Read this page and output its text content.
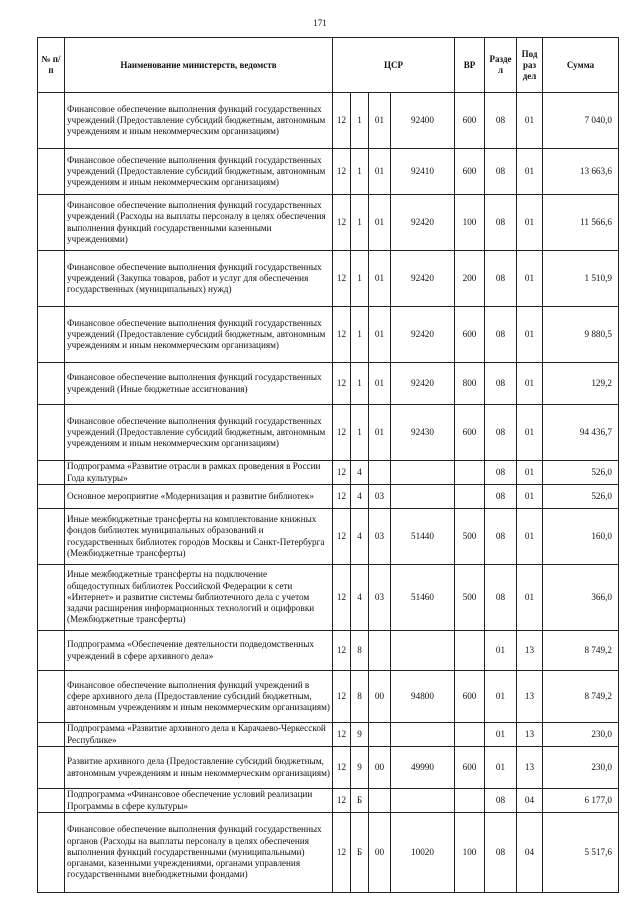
171
№ п/п	Наименование министерств, ведомств	ЦСР				ВР	Разде л	Под раз дел	Сумма
	Финансовое обеспечение выполнения функций государственных учреждений (Предоставление субсидий бюджетным, автономным учреждениям и иным некоммерческим организациям)	12	1	01	92400	600	08	01	7 040,0
	Финансовое обеспечение выполнения функций государственных учреждений (Предоставление субсидий бюджетным, автономным учреждениям и иным некоммерческим организациям)	12	1	01	92410	600	08	01	13 663,6
	Финансовое обеспечение выполнения функций государственных учреждений (Расходы на выплаты персоналу в целях обеспечения выполнения функций государственными казенными учреждениями)	12	1	01	92420	100	08	01	11 566,6
	Финансовое обеспечение выполнения функций государственных учреждений (Закупка товаров, работ и услуг для обеспечения государственных (муниципальных) нужд)	12	1	01	92420	200	08	01	1 510,9
	Финансовое обеспечение выполнения функций государственных учреждений (Предоставление субсидий бюджетным, автономным учреждениям и иным некоммерческим организациям)	12	1	01	92420	600	08	01	9 880,5
	Финансовое обеспечение выполнения функций государственных учреждений (Иные бюджетные ассигнования)	12	1	01	92420	800	08	01	129,2
	Финансовое обеспечение выполнения функций государственных учреждений (Предоставление субсидий бюджетным, автономным учреждениям и иным некоммерческим организациям)	12	1	01	92430	600	08	01	94 436,7
	Подпрограмма «Развитие отрасли в рамках проведения в России Года культуры»	12	4				08	01	526,0
	Основное мероприятие «Модернизация и развитие библиотек»	12	4	03			08	01	526,0
	Иные межбюджетные трансферты на комплектование книжных фондов библиотек муниципальных образований и государственных библиотек городов Москвы и Санкт-Петербурга (Межбюджетные трансферты)	12	4	03	51440	500	08	01	160,0
	Иные межбюджетные трансферты на подключение общедоступных библиотек Российской Федерации к сети «Интернет» и развитие системы библиотечного дела с учетом задачи расширения информационных технологий и оцифровки (Межбюджетные трансферты)	12	4	03	51460	500	08	01	366,0
	Подпрограмма «Обеспечение деятельности подведомственных учреждений в сфере архивного дела»	12	8				01	13	8 749,2
	Финансовое обеспечение выполнения функций учреждений в сфере архивного дела (Предоставление субсидий бюджетным, автономным учреждениям и иным некоммерческим организациям)	12	8	00	94800	600	01	13	8 749,2
	Подпрограмма «Развитие архивного дела в Карачаево-Черкесской Республике»	12	9				01	13	230,0
	Развитие архивного дела (Предоставление субсидий бюджетным, автономным учреждениям и иным некоммерческим организациям)	12	9	00	49990	600	01	13	230,0
	Подпрограмма «Финансовое обеспечение условий реализации Программы в сфере культуры»	12	Б				08	04	6 177,0
	Финансовое обеспечение выполнения функций государственных органов (Расходы на выплаты персоналу в целях обеспечения выполнения функций государственными (муниципальными) органами, казенными учреждениями, органами управления государственными внебюджетными фондами)	12	Б	00	10020	100	08	04	5 517,6
